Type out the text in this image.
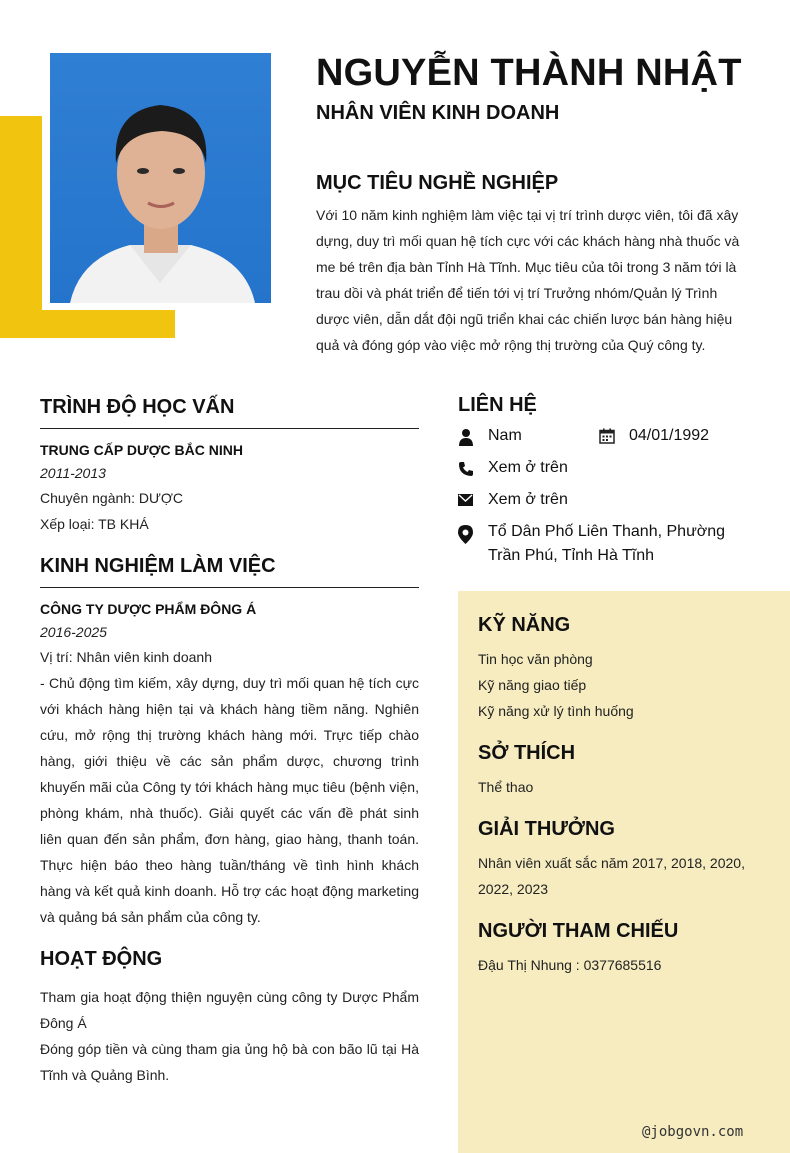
NGUYỄN THÀNH NHẬT
NHÂN VIÊN KINH DOANH
MỤC TIÊU NGHỀ NGHIỆP
Với 10 năm kinh nghiệm làm việc tại vị trí trình dược viên, tôi đã xây dựng, duy trì mối quan hệ tích cực với các khách hàng nhà thuốc và me bé trên địa bàn Tỉnh Hà Tĩnh. Mục tiêu của tôi trong 3 năm tới là trau dồi và phát triển để tiến tới vị trí Trưởng nhóm/Quản lý Trình dược viên, dẫn dắt đội ngũ triển khai các chiến lược bán hàng hiệu quả và đóng góp vào việc mở rộng thị trường của Quý công ty.
TRÌNH ĐỘ HỌC VẤN
TRUNG CẤP DƯỢC BẮC NINH
2011-2013
Chuyên ngành: DƯỢC
Xếp loại: TB KHÁ
KINH NGHIỆM LÀM VIỆC
CÔNG TY DƯỢC PHẨM ĐÔNG Á
2016-2025
Vị trí: Nhân viên kinh doanh
- Chủ động tìm kiếm, xây dựng, duy trì mối quan hệ tích cực với khách hàng hiện tại và khách hàng tiềm năng. Nghiên cứu, mở rộng thị trường khách hàng mới. Trực tiếp chào hàng, giới thiệu về các sản phẩm dược, chương trình khuyến mãi của Công ty tới khách hàng mục tiêu (bệnh viện, phòng khám, nhà thuốc). Giải quyết các vấn đề phát sinh liên quan đến sản phẩm, đơn hàng, giao hàng, thanh toán. Thực hiện báo theo hàng tuần/tháng về tình hình khách hàng và kết quả kinh doanh. Hỗ trợ các hoạt động marketing và quảng bá sản phẩm của công ty.
HOẠT ĐỘNG
Tham gia hoạt động thiện nguyện cùng công ty Dược Phẩm Đông Á
Đóng góp tiền và cùng tham gia ủng hộ bà con bão lũ tại Hà Tĩnh và Quảng Bình.
LIÊN HỆ
Nam	04/01/1992
Xem ở trên
Xem ở trên
Tổ Dân Phố Liên Thanh, Phường
Trần Phú, Tỉnh Hà Tĩnh
KỸ NĂNG
Tin học văn phòng
Kỹ năng giao tiếp
Kỹ năng xử lý tình huống
SỞ THÍCH
Thể thao
GIẢI THƯỞNG
Nhân viên xuất sắc năm 2017, 2018, 2020,
2022, 2023
NGƯỜI THAM CHIẾU
Đậu Thị Nhung : 0377685516
@jobgovn.com
